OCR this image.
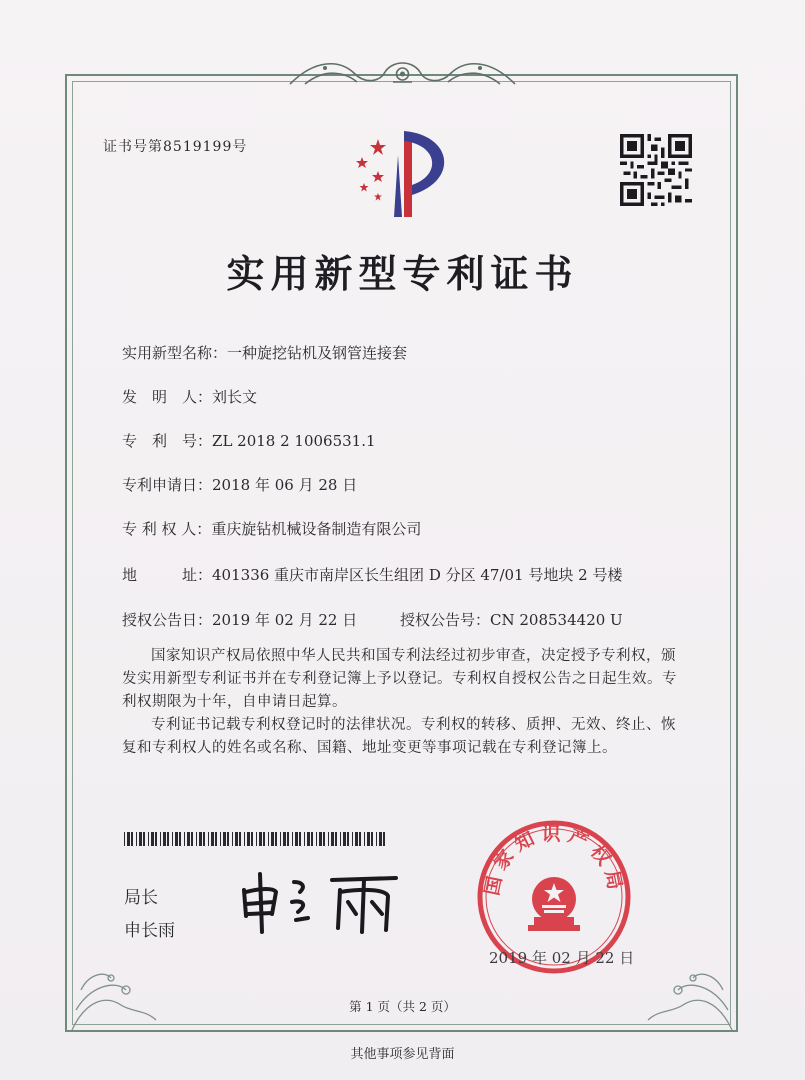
证书号第8519199号
实用新型专利证书
实用新型名称：一种旋挖钻机及钢管连接套
发　明　人：刘长文
专　利　号：ZL 2018 2 1006531.1
专利申请日：2018 年 06 月 28 日
专 利 权 人：重庆旋钻机械设备制造有限公司
地　　　址：401336 重庆市南岸区长生组团 D 分区 47/01 号地块 2 号楼
授权公告日：2019 年 02 月 22 日	授权公告号：CN 208534420 U
国家知识产权局依照中华人民共和国专利法经过初步审查，决定授予专利权，颁发实用新型专利证书并在专利登记簿上予以登记。专利权自授权公告之日起生效。专利权期限为十年，自申请日起算。
专利证书记载专利权登记时的法律状况。专利权的转移、质押、无效、终止、恢复和专利权人的姓名或名称、国籍、地址变更等事项记载在专利登记簿上。
局长
申长雨
国家知识产权局
2019 年 02 月 22 日
第 1 页（共 2 页）
其他事项参见背面
